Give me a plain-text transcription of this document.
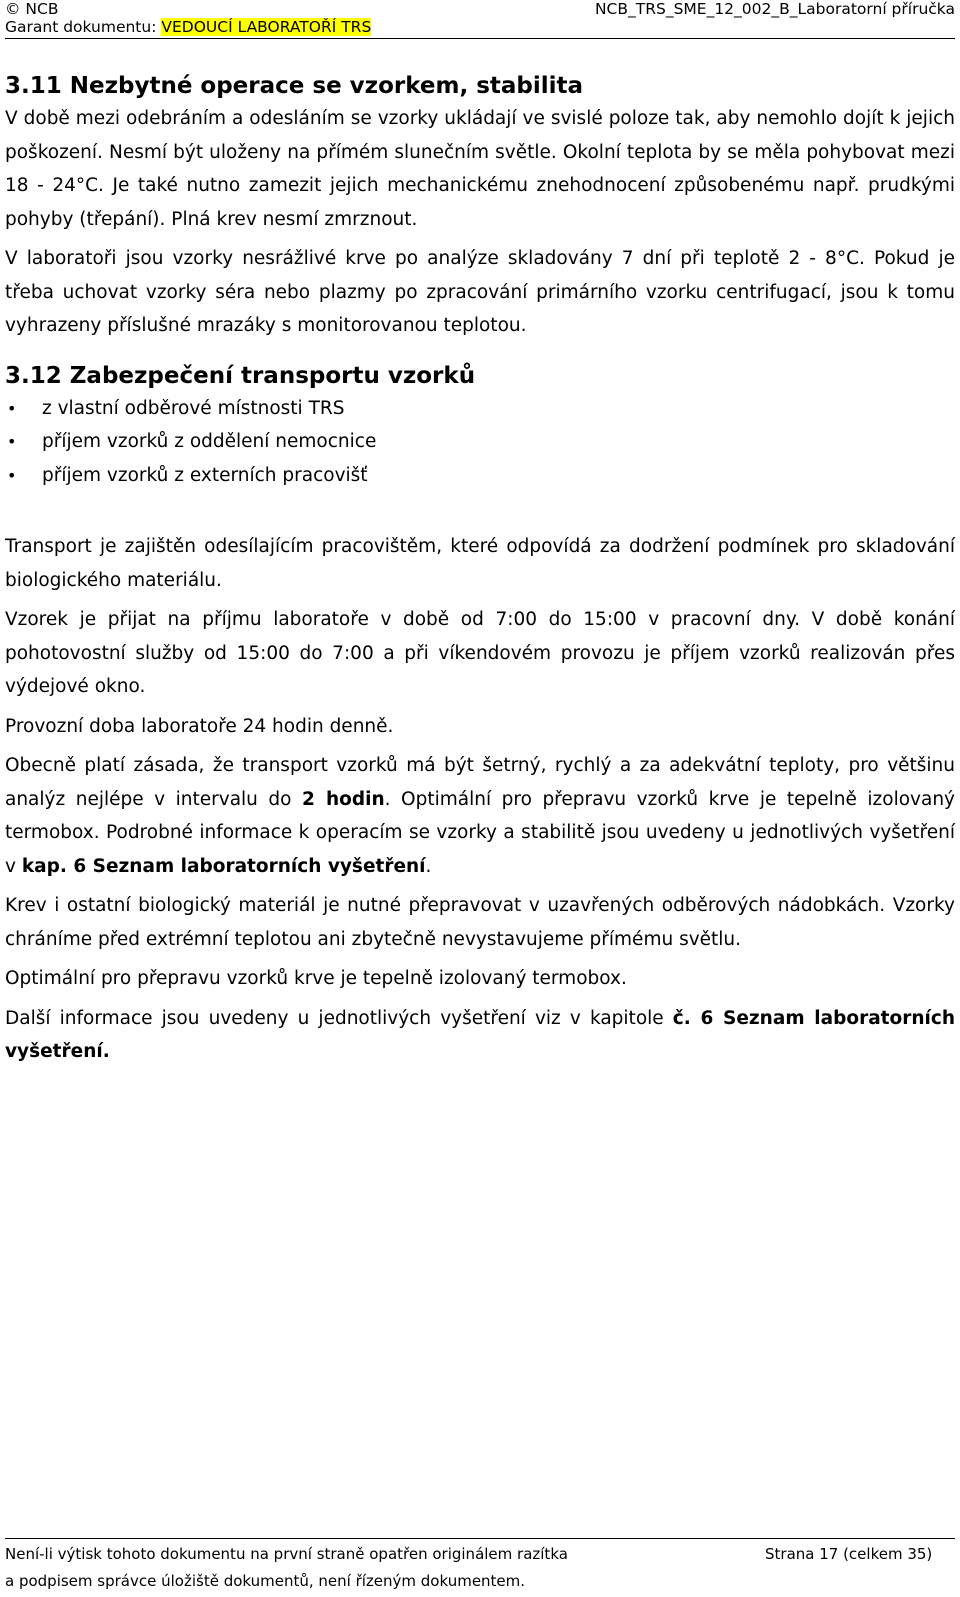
© NCB
Garant dokumentu: VEDOUCÍ LABORATOŘÍ TRS
NCB_TRS_SME_12_002_B_Laboratorní příručka
3.11 Nezbytné operace se vzorkem, stabilita

V době mezi odebráním a odesláním se vzorky ukládají ve svislé poloze tak, aby nemohlo dojít k jejich poškození. Nesmí být uloženy na přímém slunečním světle. Okolní teplota by se měla pohybovat mezi 18 - 24°C. Je také nutno zamezit jejich mechanickému znehodnocení způsobenému např. prudkými pohyby (třepání). Plná krev nesmí zmrznout.

V laboratoři jsou vzorky nesrážlivé krve po analýze skladovány 7 dní při teplotě 2 - 8°C. Pokud je třeba uchovat vzorky séra nebo plazmy po zpracování primárního vzorku centrifugací, jsou k tomu vyhrazeny příslušné mrazáky s monitorovanou teplotou.

3.12 Zabezpečení transportu vzorků
• z vlastní odběrové místnosti TRS
• příjem vzorků z oddělení nemocnice
• příjem vzorků z externích pracovišť

Transport je zajištěn odesílajícím pracovištěm, které odpovídá za dodržení podmínek pro skladování biologického materiálu.

Vzorek je přijat na příjmu laboratoře v době od 7:00 do 15:00 v pracovní dny. V době konání pohotovostní služby od 15:00 do 7:00 a při víkendovém provozu je příjem vzorků realizován přes výdejové okno.

Provozní doba laboratoře 24 hodin denně.

Obecně platí zásada, že transport vzorků má být šetrný, rychlý a za adekvátní teploty, pro většinu analýz nejlépe v intervalu do 2 hodin. Optimální pro přepravu vzorků krve je tepelně izolovaný termobox. Podrobné informace k operacím se vzorky a stabilitě jsou uvedeny u jednotlivých vyšetření v kap. 6 Seznam laboratorních vyšetření.

Krev i ostatní biologický materiál je nutné přepravovat v uzavřených odběrových nádobkách. Vzorky chráníme před extrémní teplotou ani zbytečně nevystavujeme přímému světlu.

Optimální pro přepravu vzorků krve je tepelně izolovaný termobox.

Další informace jsou uvedeny u jednotlivých vyšetření viz v kapitole č. 6 Seznam laboratorních vyšetření.

Není-li výtisk tohoto dokumentu na první straně opatřen originálem razítka
a podpisem správce úložiště dokumentů, není řízeným dokumentem.
Strana 17 (celkem 35)
